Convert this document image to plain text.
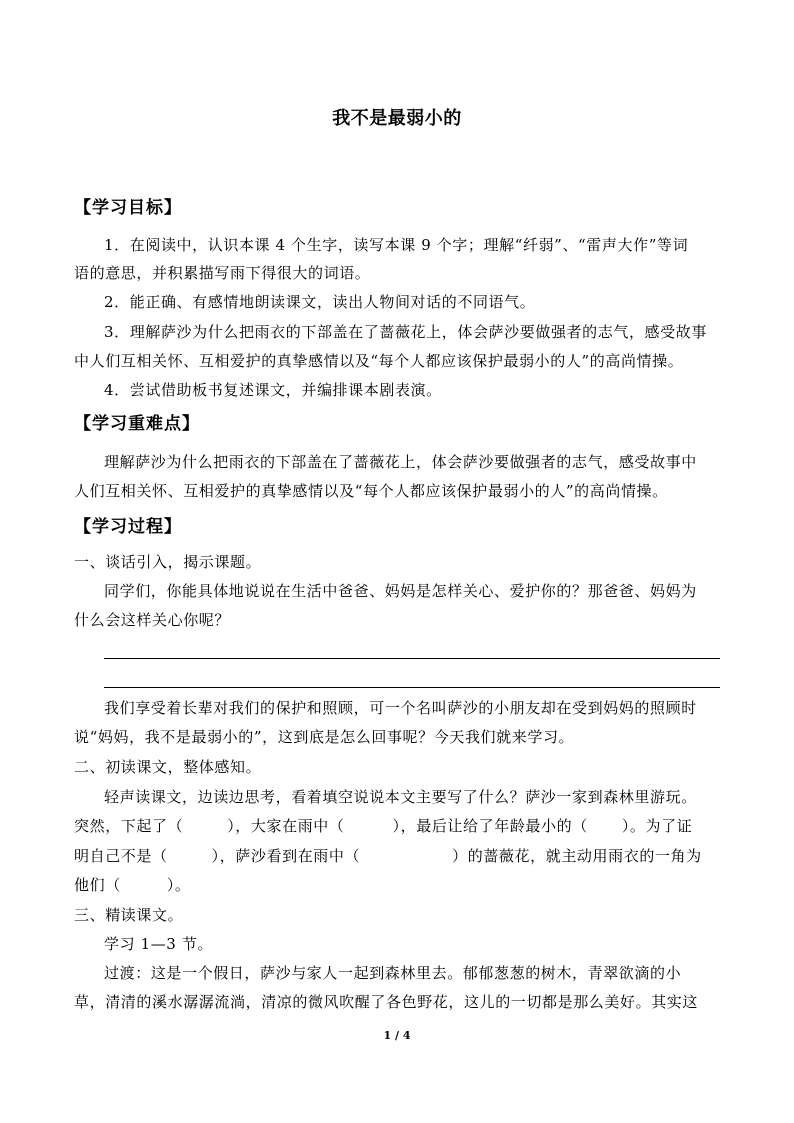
我不是最弱小的
【学习目标】
1．在阅读中，认识本课 4 个生字，读写本课 9 个字；理解“纤弱”、“雷声大作”等词
语的意思，并积累描写雨下得很大的词语。
2．能正确、有感情地朗读课文，读出人物间对话的不同语气。
3．理解萨沙为什么把雨衣的下部盖在了蔷薇花上，体会萨沙要做强者的志气，感受故事
中人们互相关怀、互相爱护的真挚感情以及“每个人都应该保护最弱小的人”的高尚情操。
4．尝试借助板书复述课文，并编排课本剧表演。
【学习重难点】
理解萨沙为什么把雨衣的下部盖在了蔷薇花上，体会萨沙要做强者的志气，感受故事中
人们互相关怀、互相爱护的真挚感情以及“每个人都应该保护最弱小的人”的高尚情操。
【学习过程】
一、谈话引入，揭示课题。
同学们，你能具体地说说在生活中爸爸、妈妈是怎样关心、爱护你的？那爸爸、妈妈为
什么会这样关心你呢？
我们享受着长辈对我们的保护和照顾，可一个名叫萨沙的小朋友却在受到妈妈的照顾时
说“妈妈，我不是最弱小的”，这到底是怎么回事呢？今天我们就来学习。
二、初读课文，整体感知。
轻声读课文，边读边思考，看着填空说说本文主要写了什么？萨沙一家到森林里游玩。
突然，下起了（	），大家在雨中（	），最后让给了年龄最小的（ ）。为了证
明自己不是（	），萨沙看到在雨中（	）的蔷薇花，就主动用雨衣的一角为
他们（	）。
三、精读课文。
学习 1—3 节。
过渡：这是一个假日，萨沙与家人一起到森林里去。郁郁葱葱的树木，青翠欲滴的小
草，清清的溪水潺潺流淌，清凉的微风吹醒了各色野花，这儿的一切都是那么美好。其实这
1 / 4
